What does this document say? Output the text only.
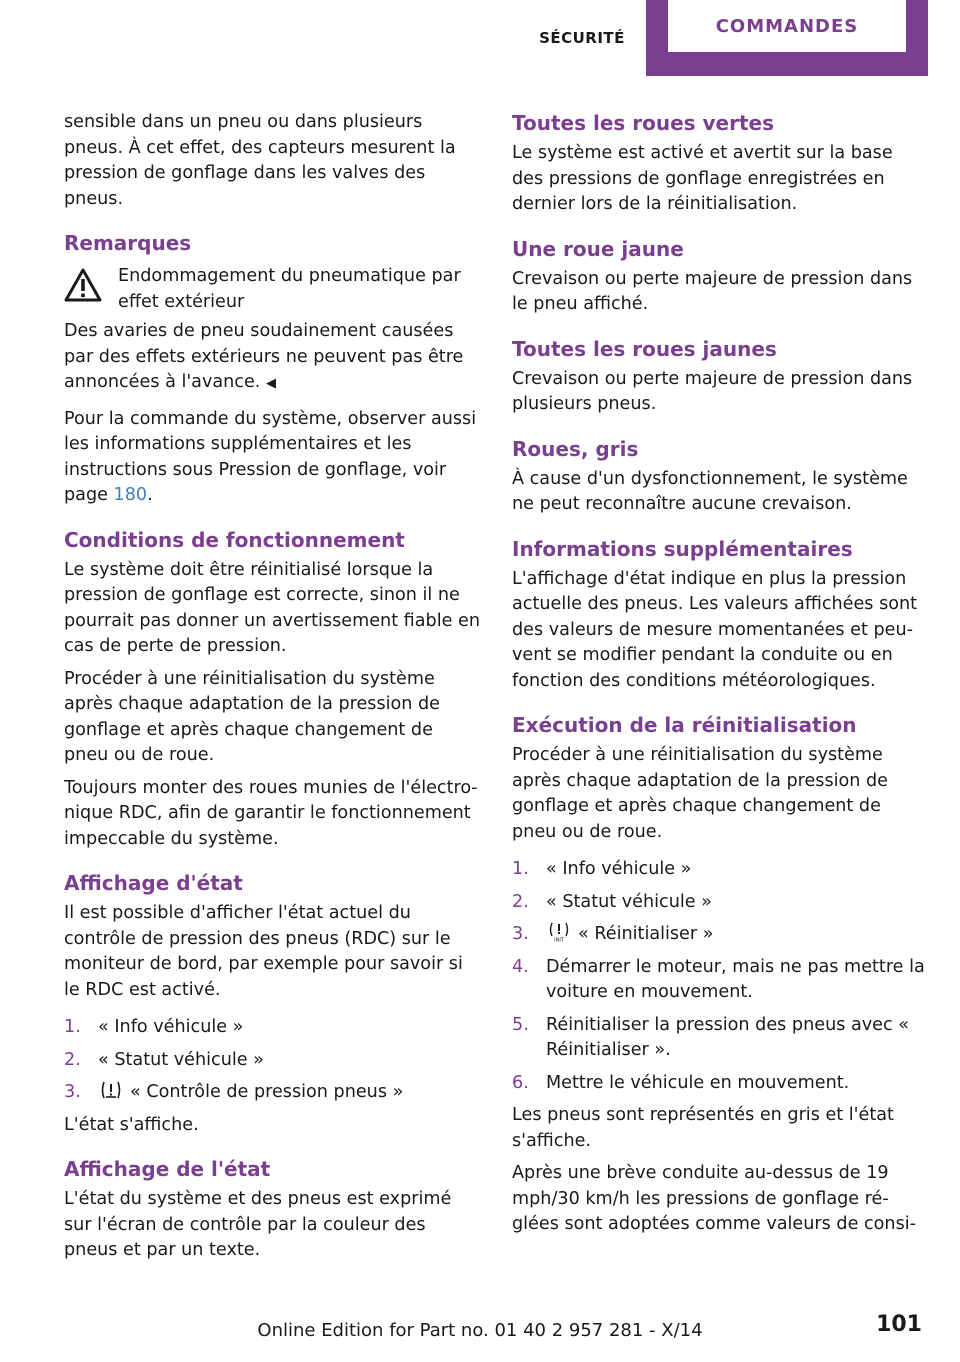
SÉCURITÉ
COMMANDES

sensible dans un pneu ou dans plusieurs pneus. À cet effet, des capteurs mesurent la pression de gonflage dans les valves des pneus.

Remarques
Endommagement du pneumatique par effet extérieur

Des avaries de pneu soudainement causées par des effets extérieurs ne peuvent pas être annoncées à l'avance. ◀

Pour la commande du système, observer aussi les informations supplémentaires et les instructions sous Pression de gonflage, voir page 180.

Conditions de fonctionnement

Le système doit être réinitialisé lorsque la pression de gonflage est correcte, sinon il ne pourrait pas donner un avertissement fiable en cas de perte de pression.

Procéder à une réinitialisation du système après chaque adaptation de la pression de gonflage et après chaque changement de pneu ou de roue.

Toujours monter des roues munies de l'électronique RDC, afin de garantir le fonctionnement impeccable du système.

Affichage d'état

Il est possible d'afficher l'état actuel du contrôle de pression des pneus (RDC) sur le moniteur de bord, par exemple pour savoir si le RDC est activé.

1. « Info véhicule »
2. « Statut véhicule »
3.	« Contrôle de pression pneus »

L'état s'affiche.

Affichage de l'état

L'état du système et des pneus est exprimé sur l'écran de contrôle par la couleur des pneus et par un texte.

Toutes les roues vertes

Le système est activé et avertit sur la base des pressions de gonflage enregistrées en dernier lors de la réinitialisation.

Une roue jaune

Crevaison ou perte majeure de pression dans le pneu affiché.

Toutes les roues jaunes

Crevaison ou perte majeure de pression dans plusieurs pneus.

Roues, gris

À cause d'un dysfonctionnement, le système ne peut reconnaître aucune crevaison.

Informations supplémentaires

L'affichage d'état indique en plus la pression actuelle des pneus. Les valeurs affichées sont des valeurs de mesure momentanées et peuvent se modifier pendant la conduite ou en fonction des conditions météorologiques.

Exécution de la réinitialisation

Procéder à une réinitialisation du système après chaque adaptation de la pression de gonflage et après chaque changement de pneu ou de roue.

1. « Info véhicule »
2. « Statut véhicule »
3.	INIT « Réinitialiser »
4. Démarrer le moteur, mais ne pas mettre la voiture en mouvement.
5. Réinitialiser la pression des pneus avec « Réinitialiser ».
6. Mettre le véhicule en mouvement.

Les pneus sont représentés en gris et l'état s'affiche.

Après une brève conduite au-dessus de 19 mph/30 km/h les pressions de gonflage réglées sont adoptées comme valeurs de consi-

Online Edition for Part no. 01 40 2 957 281 - X/14	101
